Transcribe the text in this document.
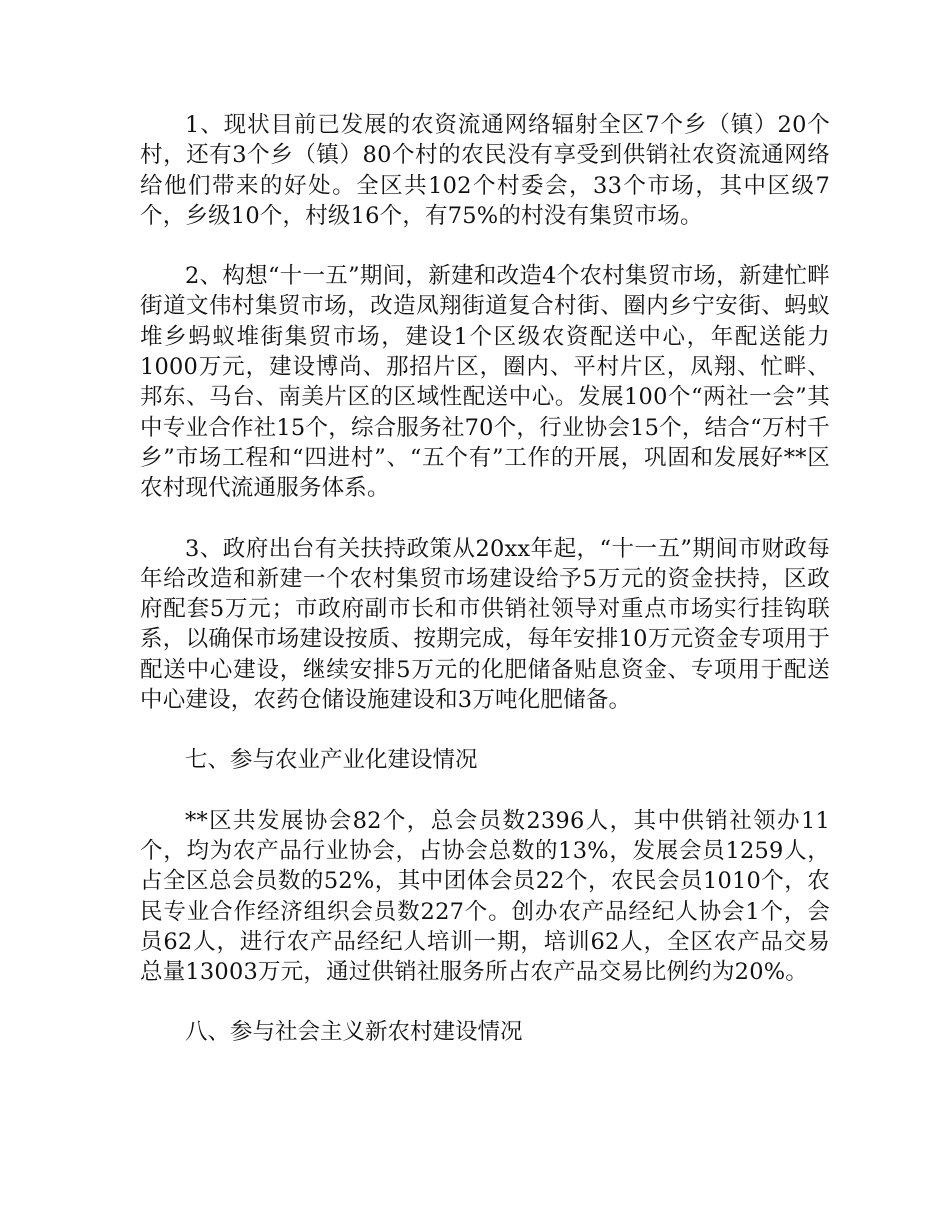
1、现状目前已发展的农资流通网络辐射全区7个乡（镇）20个村，还有3个乡（镇）80个村的农民没有享受到供销社农资流通网络给他们带来的好处。全区共102个村委会，33个市场，其中区级7个，乡级10个，村级16个，有75%的村没有集贸市场。

2、构想“十一五”期间，新建和改造4个农村集贸市场，新建忙畔街道文伟村集贸市场，改造凤翔街道复合村街、圈内乡宁安街、蚂蚁堆乡蚂蚁堆街集贸市场，建设1个区级农资配送中心，年配送能力1000万元，建设博尚、那招片区，圈内、平村片区，凤翔、忙畔、邦东、马台、南美片区的区域性配送中心。发展100个“两社一会”其中专业合作社15个，综合服务社70个，行业协会15个，结合“万村千乡”市场工程和“四进村”、“五个有”工作的开展，巩固和发展好**区农村现代流通服务体系。

3、政府出台有关扶持政策从20xx年起，“十一五”期间市财政每年给改造和新建一个农村集贸市场建设给予5万元的资金扶持，区政府配套5万元；市政府副市长和市供销社领导对重点市场实行挂钩联系，以确保市场建设按质、按期完成，每年安排10万元资金专项用于配送中心建设，继续安排5万元的化肥储备贴息资金、专项用于配送中心建设，农药仓储设施建设和3万吨化肥储备。

七、参与农业产业化建设情况

**区共发展协会82个，总会员数2396人，其中供销社领办11个，均为农产品行业协会，占协会总数的13%，发展会员1259人，占全区总会员数的52%，其中团体会员22个，农民会员1010个，农民专业合作经济组织会员数227个。创办农产品经纪人协会1个，会员62人，进行农产品经纪人培训一期，培训62人，全区农产品交易总量13003万元，通过供销社服务所占农产品交易比例约为20%。

八、参与社会主义新农村建设情况
